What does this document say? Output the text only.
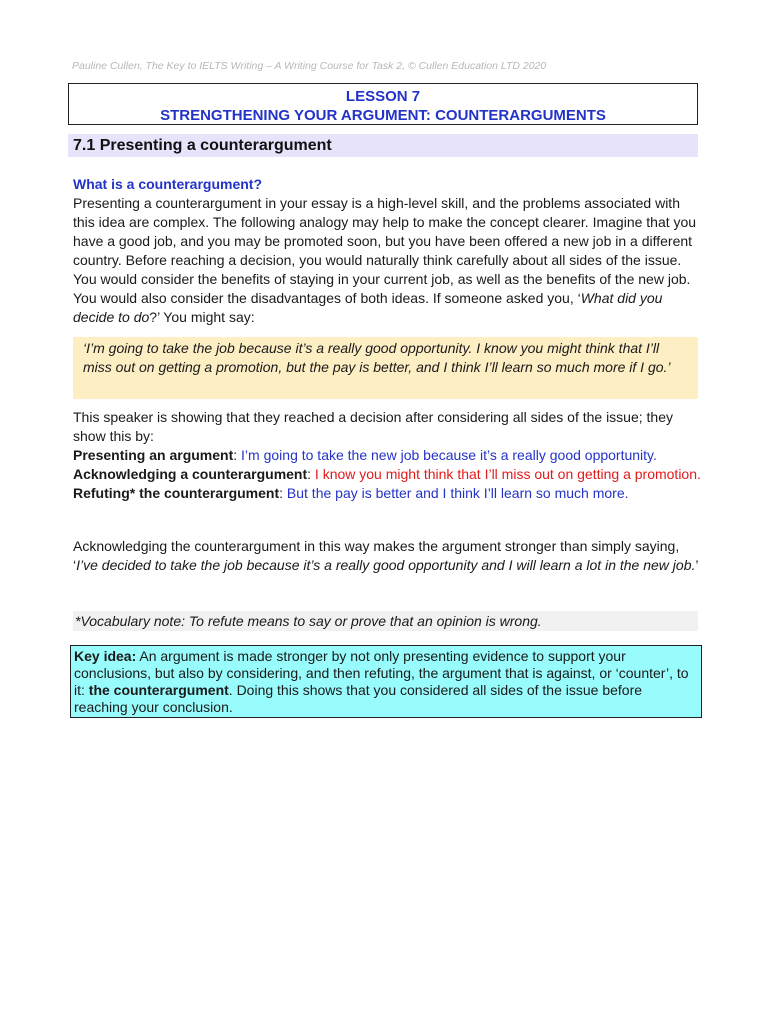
Pauline Cullen, The Key to IELTS Writing – A Writing Course for Task 2, © Cullen Education LTD 2020
LESSON 7
STRENGTHENING YOUR ARGUMENT: COUNTERARGUMENTS
7.1 Presenting a counterargument
What is a counterargument?
Presenting a counterargument in your essay is a high-level skill, and the problems associated with this idea are complex. The following analogy may help to make the concept clearer. Imagine that you have a good job, and you may be promoted soon, but you have been offered a new job in a different country. Before reaching a decision, you would naturally think carefully about all sides of the issue. You would consider the benefits of staying in your current job, as well as the benefits of the new job. You would also consider the disadvantages of both ideas. If someone asked you, ‘What did you decide to do?’ You might say:
‘I’m going to take the job because it’s a really good opportunity. I know you might think that I’ll miss out on getting a promotion, but the pay is better, and I think I’ll learn so much more if I go.’
This speaker is showing that they reached a decision after considering all sides of the issue; they show this by:
Presenting an argument: I’m going to take the new job because it’s a really good opportunity.
Acknowledging a counterargument: I know you might think that I’ll miss out on getting a promotion.
Refuting* the counterargument: But the pay is better and I think I’ll learn so much more.
Acknowledging the counterargument in this way makes the argument stronger than simply saying, ‘I’ve decided to take the job because it’s a really good opportunity and I will learn a lot in the new job.’
*Vocabulary note: To refute means to say or prove that an opinion is wrong.
Key idea: An argument is made stronger by not only presenting evidence to support your conclusions, but also by considering, and then refuting, the argument that is against, or ‘counter’, to it: the counterargument. Doing this shows that you considered all sides of the issue before reaching your conclusion.
